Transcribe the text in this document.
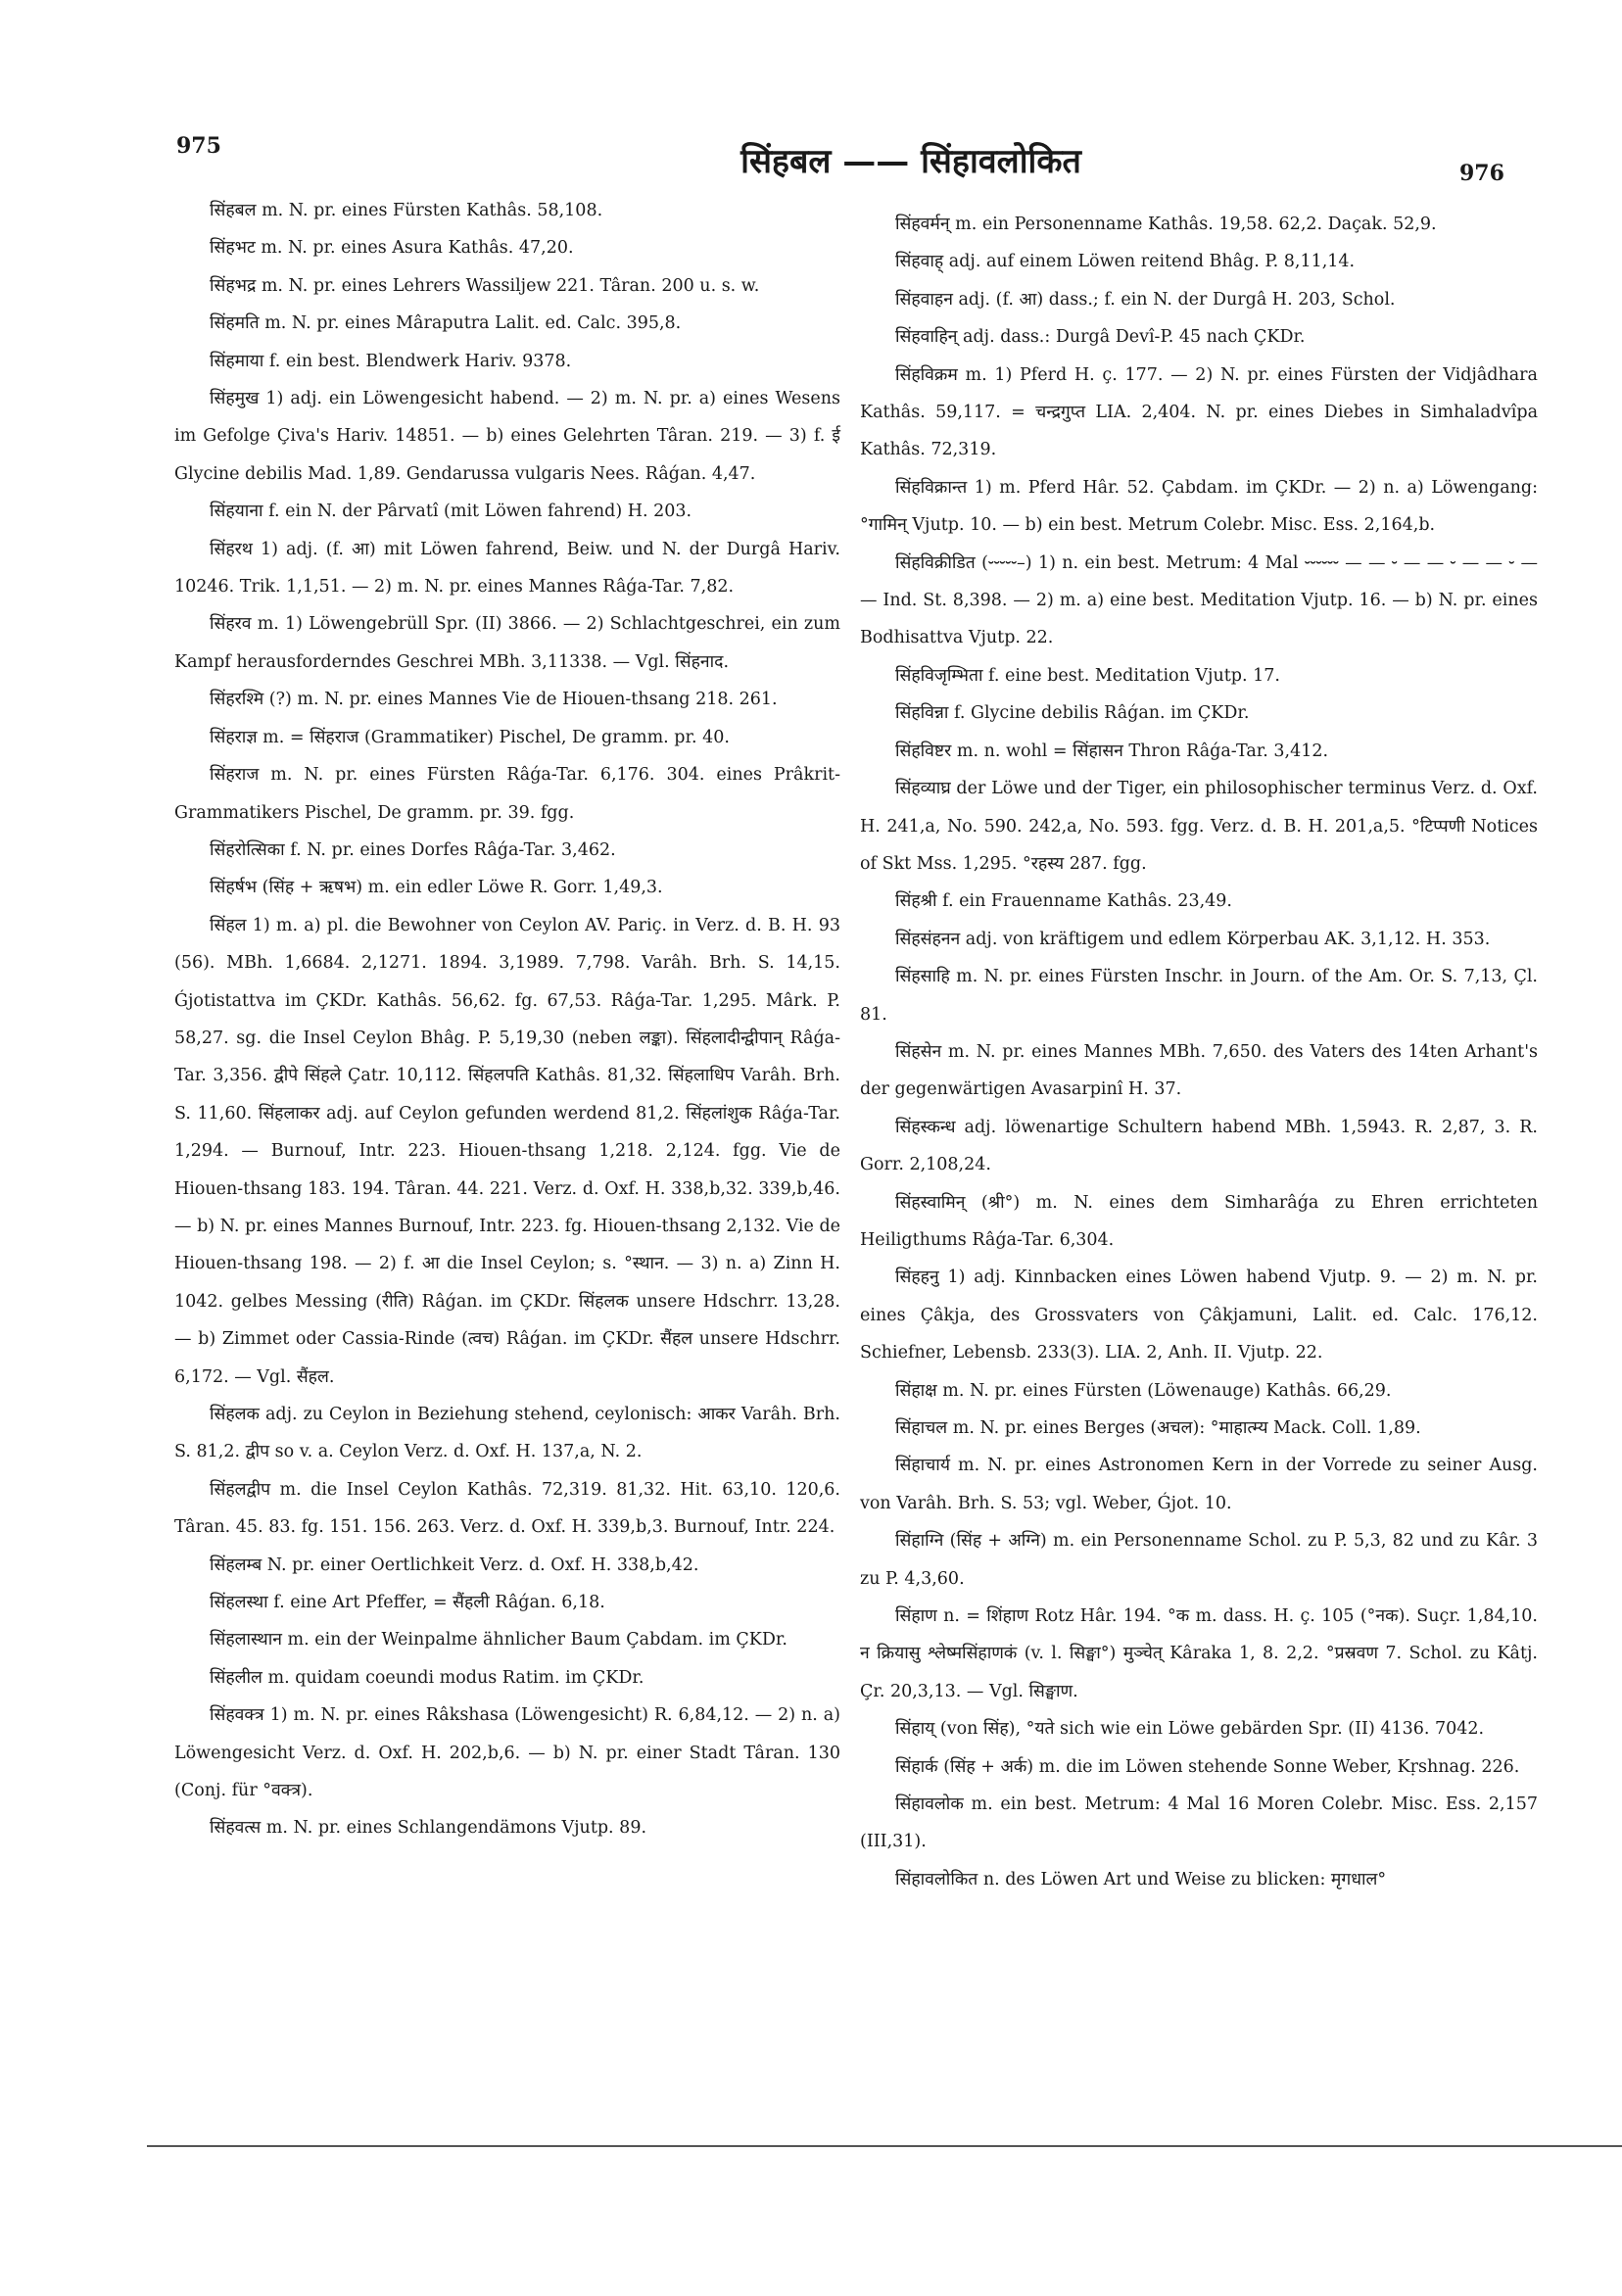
975	सिंहबल —— सिंहावलोकित	976

सिंहबल m. N. pr. eines Fürsten Kathâs. 58,108.

सिंहभट m. N. pr. eines Asura Kathâs. 47,20.

सिंहभद्र m. N. pr. eines Lehrers Wassiljew 221. Târan. 200 u. s. w.

सिंहमति m. N. pr. eines Mâraputra Lalit. ed. Calc. 395,8.

सिंहमाया f. ein best. Blendwerk Hariv. 9378.

सिंहमुख 1) adj. ein Löwengesicht habend. — 2) m. N. pr. a) eines Wesens im Gefolge Çiva's Hariv. 14851. — b) eines Gelehrten Târan. 219. — 3) f. ई Glycine debilis Mad. 1,89. Gendarussa vulgaris Nees. Râǵan. 4,47.

सिंहयाना f. ein N. der Pârvatî (mit Löwen fahrend) H. 203.

सिंहरथ 1) adj. (f. आ) mit Löwen fahrend, Beiw. und N. der Durgâ Hariv. 10246. Trik. 1,1,51. — 2) m. N. pr. eines Mannes Râǵa-Tar. 7,82.

सिंहरव m. 1) Löwengebrüll Spr. (II) 3866. — 2) Schlachtgeschrei, ein zum Kampf herausforderndes Geschrei MBh. 3,11338. — Vgl. सिंहनाद.

सिंहरश्मि (?) m. N. pr. eines Mannes Vie de Hiouen-thsang 218. 261.

सिंहराज्ञ m. = सिंहराज (Grammatiker) Pischel, De gramm. pr. 40.

सिंहराज m. N. pr. eines Fürsten Râǵa-Tar. 6,176. 304. eines Prâkrit-Grammatikers Pischel, De gramm. pr. 39. fgg.

सिंहरोत्सिका f. N. pr. eines Dorfes Râǵa-Tar. 3,462.

सिंहर्षभ (सिंह + ऋषभ) m. ein edler Löwe R. Gorr. 1,49,3.

सिंहल 1) m. a) pl. die Bewohner von Ceylon AV. Pariç. in Verz. d. B. H. 93 (56). MBh. 1,6684. 2,1271. 1894. 3,1989. 7,798. Varâh. Brh. S. 14,15. Ǵjotistattva im ÇKDr. Kathâs. 56,62. fg. 67,53. Râǵa-Tar. 1,295. Mârk. P. 58,27. sg. die Insel Ceylon Bhâg. P. 5,19,30 (neben लङ्का). सिंहलादीन्द्वीपान् Râǵa-Tar. 3,356. द्वीपे सिंहले Çatr. 10,112. सिंहलपति Kathâs. 81,32. सिंहलाधिप Varâh. Brh. S. 11,60. सिंहलाकर adj. auf Ceylon gefunden werdend 81,2. सिंहलांशुक Râǵa-Tar. 1,294. — Burnouf, Intr. 223. Hiouen-thsang 1,218. 2,124. fgg. Vie de Hiouen-thsang 183. 194. Târan. 44. 221. Verz. d. Oxf. H. 338,b,32. 339,b,46. — b) N. pr. eines Mannes Burnouf, Intr. 223. fg. Hiouen-thsang 2,132. Vie de Hiouen-thsang 198. — 2) f. आ die Insel Ceylon; s. °स्थान. — 3) n. a) Zinn H. 1042. gelbes Messing (रीति) Râǵan. im ÇKDr. सिंहलक unsere Hdschrr. 13,28. — b) Zimmet oder Cassia-Rinde (त्वच) Râǵan. im ÇKDr. सैंहल unsere Hdschrr. 6,172. — Vgl. सैंहल.

सिंहलक adj. zu Ceylon in Beziehung stehend, ceylonisch: आकर Varâh. Brh. S. 81,2. द्वीप so v. a. Ceylon Verz. d. Oxf. H. 137,a, N. 2.

सिंहलद्वीप m. die Insel Ceylon Kathâs. 72,319. 81,32. Hit. 63,10. 120,6. Târan. 45. 83. fg. 151. 156. 263. Verz. d. Oxf. H. 339,b,3. Burnouf, Intr. 224.

सिंहलम्ब N. pr. einer Oertlichkeit Verz. d. Oxf. H. 338,b,42.

सिंहलस्था f. eine Art Pfeffer, = सैंहली Râǵan. 6,18.

सिंहलास्थान m. ein der Weinpalme ähnlicher Baum Çabdam. im ÇKDr.

सिंहलील m. quidam coeundi modus Ratim. im ÇKDr.

सिंहवक्त्र 1) m. N. pr. eines Râkshasa (Löwengesicht) R. 6,84,12. — 2) n. a) Löwengesicht Verz. d. Oxf. H. 202,b,6. — b) N. pr. einer Stadt Târan. 130 (Conj. für °वक्त्र).

सिंहवत्स m. N. pr. eines Schlangendämons Vjutp. 89.

सिंहवर्मन् m. ein Personenname Kathâs. 19,58. 62,2. Daçak. 52,9.

सिंहवाह् adj. auf einem Löwen reitend Bhâg. P. 8,11,14.

सिंहवाहन adj. (f. आ) dass.; f. ein N. der Durgâ H. 203, Schol.

सिंहवाहिन् adj. dass.: Durgâ Devî-P. 45 nach ÇKDr.

सिंहविक्रम m. 1) Pferd H. ç. 177. — 2) N. pr. eines Fürsten der Vidjâdhara Kathâs. 59,117. = चन्द्रगुप्त LIA. 2,404. N. pr. eines Diebes in Simhaladvîpa Kathâs. 72,319.

सिंहविक्रान्त 1) m. Pferd Hâr. 52. Çabdam. im ÇKDr. — 2) n. a) Löwengang: °गामिन् Vjutp. 10. — b) ein best. Metrum Colebr. Misc. Ess. 2,164,b.

सिंहविक्रीडित (⏑⏑⏑⏑⏑–) 1) n. ein best. Metrum: 4 Mal ⏑⏑⏑⏑⏑⏑ — — ⏑ — — ⏑ — — ⏑ — — Ind. St. 8,398. — 2) m. a) eine best. Meditation Vjutp. 16. — b) N. pr. eines Bodhisattva Vjutp. 22.

सिंहविजृम्भिता f. eine best. Meditation Vjutp. 17.

सिंहविन्ना f. Glycine debilis Râǵan. im ÇKDr.

सिंहविष्टर m. n. wohl = सिंहासन Thron Râǵa-Tar. 3,412.

सिंहव्याघ्र der Löwe und der Tiger, ein philosophischer terminus Verz. d. Oxf. H. 241,a, No. 590. 242,a, No. 593. fgg. Verz. d. B. H. 201,a,5. °टिप्पणी Notices of Skt Mss. 1,295. °रहस्य 287. fgg.

सिंहश्री f. ein Frauenname Kathâs. 23,49.

सिंहसंहनन adj. von kräftigem und edlem Körperbau AK. 3,1,12. H. 353.

सिंहसाहि m. N. pr. eines Fürsten Inschr. in Journ. of the Am. Or. S. 7,13, Çl. 81.

सिंहसेन m. N. pr. eines Mannes MBh. 7,650. des Vaters des 14ten Arhant's der gegenwärtigen Avasarpinî H. 37.

सिंहस्कन्ध adj. löwenartige Schultern habend MBh. 1,5943. R. 2,87, 3. R. Gorr. 2,108,24.

सिंहस्वामिन् (श्री°) m. N. eines dem Simharâǵa zu Ehren errichteten Heiligthums Râǵa-Tar. 6,304.

सिंहहनु 1) adj. Kinnbacken eines Löwen habend Vjutp. 9. — 2) m. N. pr. eines Çâkja, des Grossvaters von Çâkjamuni, Lalit. ed. Calc. 176,12. Schiefner, Lebensb. 233(3). LIA. 2, Anh. II. Vjutp. 22.

सिंहाक्ष m. N. pr. eines Fürsten (Löwenauge) Kathâs. 66,29.

सिंहाचल m. N. pr. eines Berges (अचल): °माहात्म्य Mack. Coll. 1,89.

सिंहाचार्य m. N. pr. eines Astronomen Kern in der Vorrede zu seiner Ausg. von Varâh. Brh. S. 53; vgl. Weber, Ǵjot. 10.

सिंहाग्नि (सिंह + अग्नि) m. ein Personenname Schol. zu P. 5,3, 82 und zu Kâr. 3 zu P. 4,3,60.

सिंहाण n. = शिंहाण Rotz Hâr. 194. °क m. dass. H. ç. 105 (°नक). Suçr. 1,84,10. न क्रियासु श्लेष्मसिंहाणकं (v. l. सिङ्घा°) मुञ्चेत् Kâraka 1, 8. 2,2. °प्रस्रवण 7. Schol. zu Kâtj. Çr. 20,3,13. — Vgl. सिङ्घाण.

सिंहाय् (von सिंह), °यते sich wie ein Löwe gebärden Spr. (II) 4136. 7042.

सिंहार्क (सिंह + अर्क) m. die im Löwen stehende Sonne Weber, Kṛshnag. 226.

सिंहावलोक m. ein best. Metrum: 4 Mal 16 Moren Colebr. Misc. Ess. 2,157 (III,31).

सिंहावलोकित n. des Löwen Art und Weise zu blicken: मृगधाल°
